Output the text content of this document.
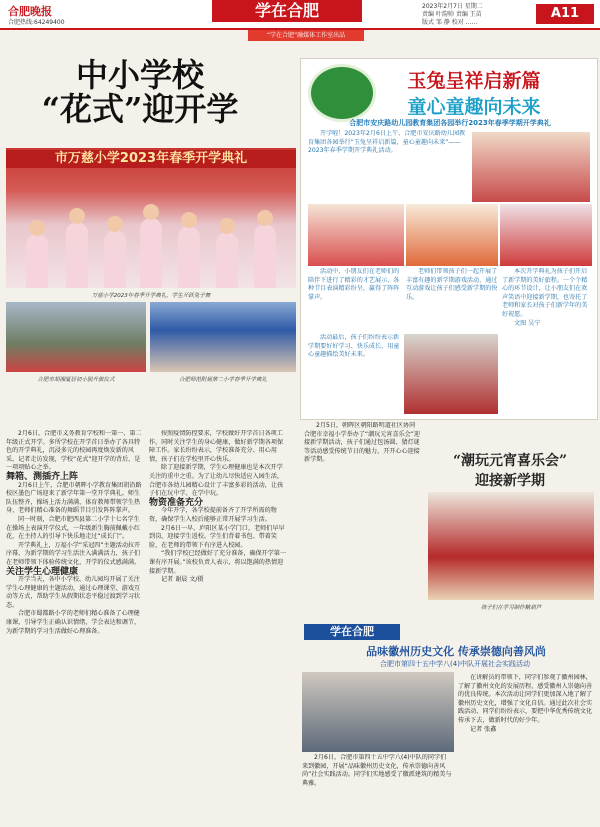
合肥晚报
合肥热线:64249400
学在合肥	2023年2月7日 星期二
责编 叶韵帅 责编 王苗
版式 邹 静 校对 ……
A11
“学在合肥”融媒体工作室出品
中小学校
“花式”迎开学
市万慈小学2023年春季开学典礼
万慈小学2023年春季开学典礼，学生开跃兔子舞
合肥市胡湘厦居初小脱升旗仪式	合肥师范附属第二小学春季开学典礼

2月6日，合肥市义务教育学校和一第一、第二年级正式开学。多所学校在开学首日举办了各具特色的开学典礼，沉浸多元的校园再度焕发新的风采。记者走访发现，学校“花式”迎开学的背后，是一项项贴心之举。

舞箱、测插齐上阵

2月6日上午，合肥市朝晖小学教育集团胡沿路校区墨色广场迎来了新学年第一堂开学典礼。师生队伍整齐，操场上活力满满，体育教师带领学生热身，老师们精心准备的舞蹈节目引发阵阵掌声。

同一时刻，合肥市肥西县第二小学十七名学生在操场上表演开学仪式，一年级新生胸前佩戴小红花，在主持人的引导下快乐地走过“成长门”。

开学典礼上，万福小学“采冠四”主题活动拉开序幕，为新学期的学习生活注入满满活力，孩子们在老师带领下体验传统文化，开学的仪式感满满。

关注学生心理健康

开学当天，各中小学校、幼儿园均开展了关注学生心理健康的主题活动，通过心理课堂、游戏互动等方式，帮助学生从假期状态平稳过渡到学习状态。

合肥市蜀都路小学的老师们精心准备了心理健康课，引导学生正确认识情绪，学会表达和调节，为新学期的学习生活做好心理准备。

按照疫情防控要求，学校做好开学首日各项工作，同时关注学生的身心健康，做好新学期各项保障工作。家长纷纷表示，学校准备充分、用心用情，孩子们在学校里开心快乐。

除了迎接新学期，学生心理健康也是本次开学关注的重中之重。为了让幼儿尽快适应入园生活，合肥市各幼儿园精心设计了丰富多彩的活动，让孩子们在玩中学、在学中玩。

物资准备充分

今年开学，各学校提前备齐了开学所需的物资，确保学生入校后能够正常开展学习生活。

2月6日一早，庐阳区某小学门口，老师们早早到岗，迎接学生返校。学生们背着书包、带着笑脸，在老师的带领下有序进入校园。

“我们学校已经做好了充分准备，确保开学第一课有序开展。”该校负责人表示，将以饱满的热情迎接新学期。

记者 谢晨 文/摄

玉兔呈祥启新篇
童心童趣向未来
合肥市安庆路幼儿园教育集团各园举行2023年春季学期开学典礼
开学啦！2023年2月6日上午，合肥市安庆路幼儿园教育集团各园举行“玉兔呈祥启新篇，童心童趣向未来”——2023年春季学期开学典礼活动。
活动中，小朋友们在老师们的陪伴下进行了精彩的才艺展示，各种节目表演精彩纷呈，赢得了阵阵掌声。
老师们带领孩子们一起开展了丰富有趣的新学期游戏活动，通过互动游戏让孩子们感受新学期的快乐。

本次开学典礼为孩子们开启了新学期的美好旅程。一个个精心的环节设计，让小朋友们在欢声笑语中迎接新学期，也寄托了老师和家长对孩子们新学年的美好祝愿。

文图 吴宁

活动最后，孩子们纷纷表示新学期要好好学习、快乐成长，用童心童趣描绘美好未来。
2月5日，朝晖区朝阳路明道社区协同合肥市幸福小学举办了“潮玩元宵喜乐会”迎接新学期活动，孩子们通过包汤圆、猜灯谜等活动感受传统节日的魅力，开开心心迎接新学期。	“潮玩元宵喜乐会”
迎接新学期
孩子们在学习制作糖葫芦
学在合肥
品味徽州历史文化 传承崇德向善风尚
合肥市第四十五中学八(4)中队开展社会实践活动
2月6日，合肥市第四十五中学八(4)中队的同学们来到徽园，开展“品味徽州历史文化，传承崇德向善风尚”社会实践活动。同学们实地感受了徽派建筑的精美与典雅。

在讲解员的带领下，同学们参观了徽州园林，了解了徽州文化的发展历程，感受徽州人崇德向善的优良传统。本次活动让同学们更加深入地了解了徽州历史文化，增强了文化自信。通过此次社会实践活动，同学们纷纷表示，要把中华优秀传统文化传承下去，做新时代的好少年。

记者 张鑫
